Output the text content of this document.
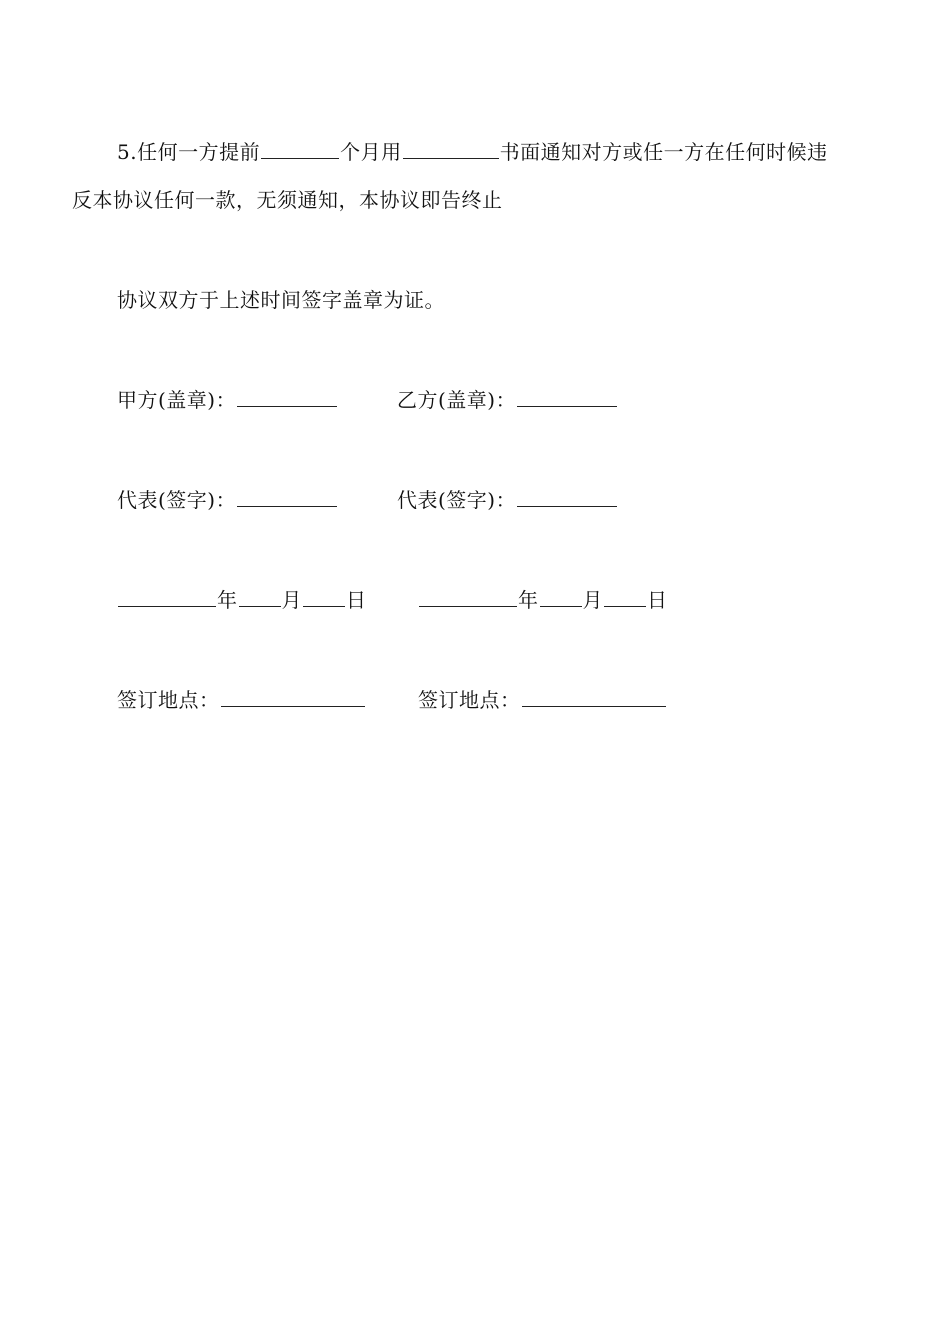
5.任何一方提前	个月用	书面通知对方或任一方在任何时候违
反本协议任何一款，无须通知，本协议即告终止
协议双方于上述时间签字盖章为证。
甲方(盖章)：	乙方(盖章)：
代表(签字)：	代表(签字)：
年 月 日	年 月 日
签订地点：	签订地点：
